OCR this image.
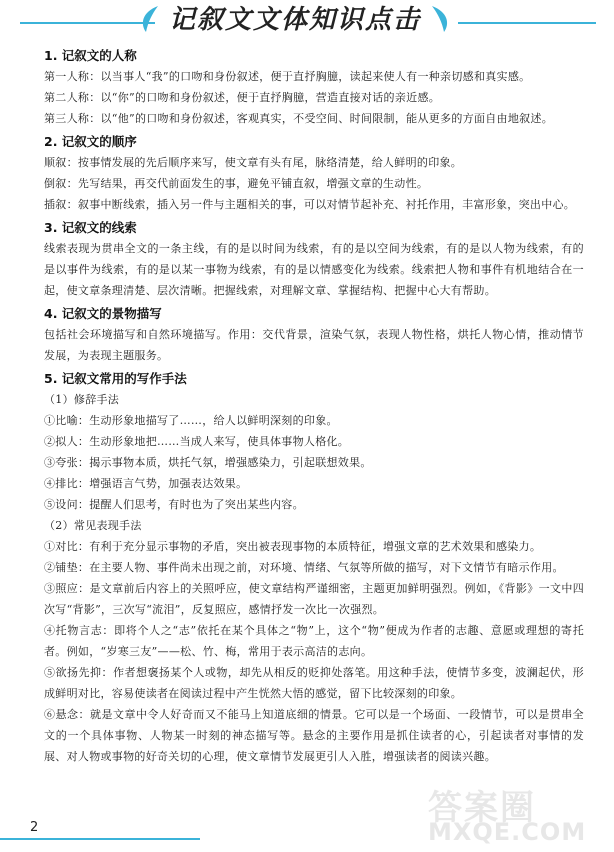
记叙文文体知识点击

1. 记叙文的人称

第一人称：以当事人“我”的口吻和身份叙述，便于直抒胸臆，读起来使人有一种亲切感和真实感。

第二人称：以“你”的口吻和身份叙述，便于直抒胸臆，营造直接对话的亲近感。

第三人称：以“他”的口吻和身份叙述，客观真实，不受空间、时间限制，能从更多的方面自由地叙述。

2. 记叙文的顺序

顺叙：按事情发展的先后顺序来写，使文章有头有尾，脉络清楚，给人鲜明的印象。

倒叙：先写结果，再交代前面发生的事，避免平铺直叙，增强文章的生动性。

插叙：叙事中断线索，插入另一件与主题相关的事，可以对情节起补充、衬托作用，丰富形象，突出中心。

3. 记叙文的线索

线索表现为贯串全文的一条主线，有的是以时间为线索，有的是以空间为线索，有的是以人物为线索，有的是以事件为线索，有的是以某一事物为线索，有的是以情感变化为线索。线索把人物和事件有机地结合在一起，使文章条理清楚、层次清晰。把握线索，对理解文章、掌握结构、把握中心大有帮助。

4. 记叙文的景物描写

包括社会环境描写和自然环境描写。作用：交代背景，渲染气氛，表现人物性格，烘托人物心情，推动情节发展，为表现主题服务。

5. 记叙文常用的写作手法

（1）修辞手法

①比喻：生动形象地描写了……，给人以鲜明深刻的印象。

②拟人：生动形象地把……当成人来写，使具体事物人格化。

③夸张：揭示事物本质，烘托气氛，增强感染力，引起联想效果。

④排比：增强语言气势，加强表达效果。

⑤设问：提醒人们思考，有时也为了突出某些内容。

（2）常见表现手法

①对比：有利于充分显示事物的矛盾，突出被表现事物的本质特征，增强文章的艺术效果和感染力。

②铺垫：在主要人物、事件尚未出现之前，对环境、情绪、气氛等所做的描写，对下文情节有暗示作用。

③照应：是文章前后内容上的关照呼应，使文章结构严谨细密，主题更加鲜明强烈。例如，《背影》一文中四次写“背影”，三次写“流泪”，反复照应，感情抒发一次比一次强烈。

④托物言志：即将个人之“志”依托在某个具体之“物”上，这个“物”便成为作者的志趣、意愿或理想的寄托者。例如，“岁寒三友”——松、竹、梅，常用于表示高洁的志向。

⑤欲扬先抑：作者想褒扬某个人或物，却先从相反的贬抑处落笔。用这种手法，使情节多变，波澜起伏，形成鲜明对比，容易使读者在阅读过程中产生恍然大悟的感觉，留下比较深刻的印象。

⑥悬念：就是文章中令人好奇而又不能马上知道底细的情景。它可以是一个场面、一段情节，可以是贯串全文的一个具体事物、人物某一时刻的神态描写等。悬念的主要作用是抓住读者的心，引起读者对事情的发展、对人物或事物的好奇关切的心理，使文章情节发展更引人入胜，增强读者的阅读兴趣。

2	答案圈
MXQE.COM
